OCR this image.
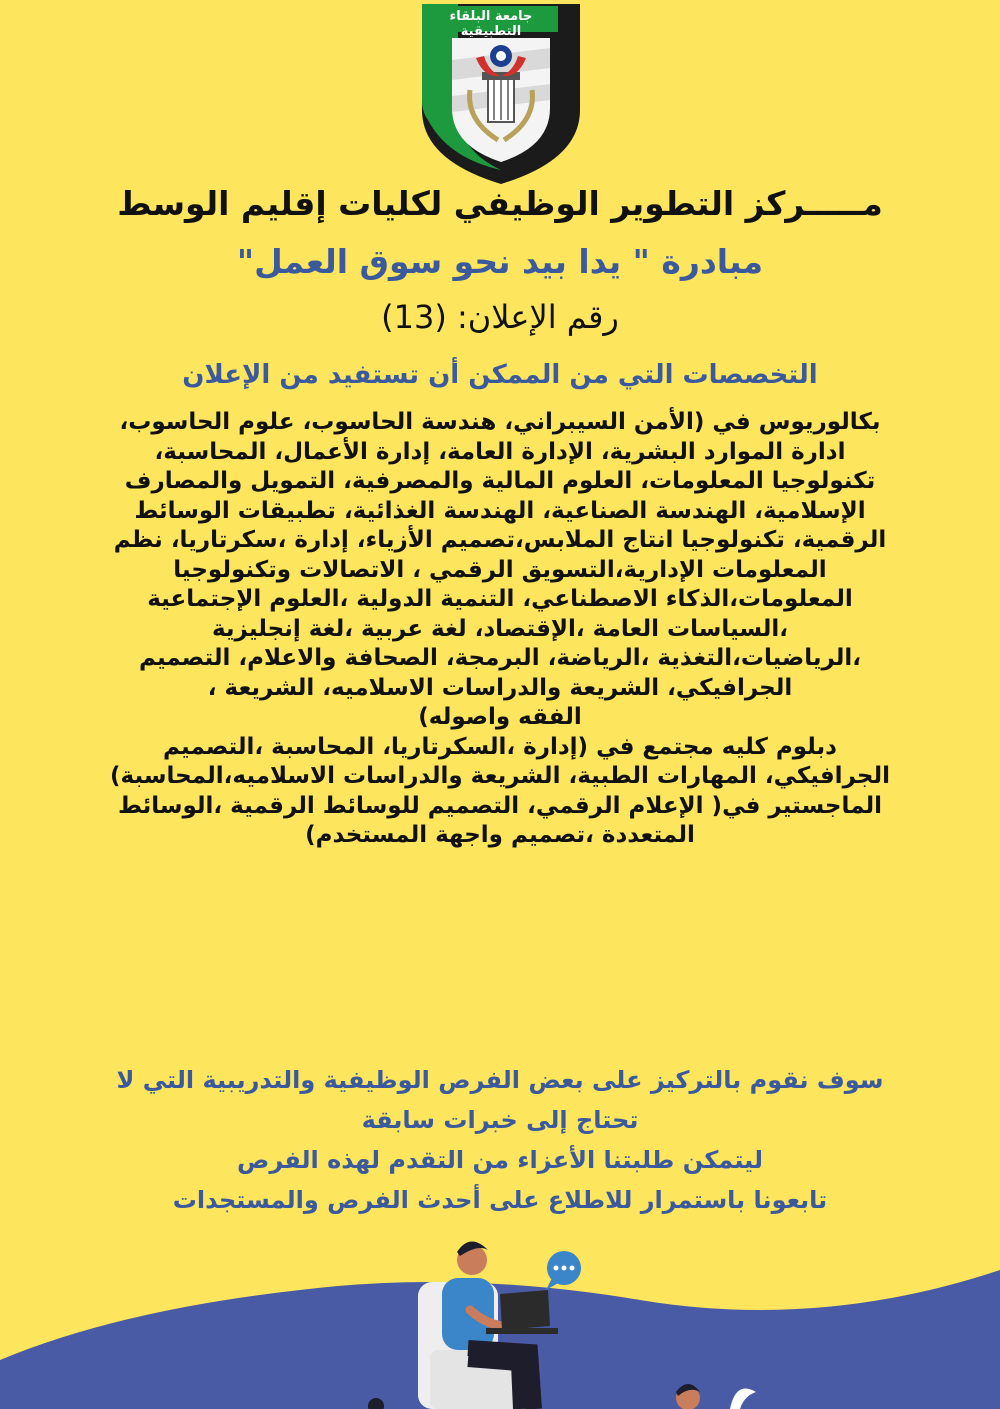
جامعة البلقاء التطبيقية
مـــــركز التطوير الوظيفي لكليات إقليم الوسط
مبادرة " يدا بيد نحو سوق العمل"
رقم الإعلان: (13)
التخصصات التي من الممكن أن تستفيد من الإعلان
بكالوريوس في (الأمن السيبراني، هندسة الحاسوب، علوم الحاسوب،
ادارة الموارد البشرية، الإدارة العامة، إدارة الأعمال، المحاسبة،
تكنولوجيا المعلومات، العلوم المالية والمصرفية، التمويل والمصارف
الإسلامية، الهندسة الصناعية، الهندسة الغذائية، تطبيقات الوسائط
الرقمية، تكنولوجيا انتاج الملابس،تصميم الأزياء، إدارة ،سكرتاريا، نظم
المعلومات الإدارية،التسويق الرقمي ، الاتصالات وتكنولوجيا
المعلومات،الذكاء الاصطناعي، التنمية الدولية ،العلوم الإجتماعية
،السياسات العامة ،الإقتصاد، لغة عربية ،لغة إنجليزية
،الرياضيات،التغذية ،الرياضة، البرمجة، الصحافة والاعلام، التصميم
الجرافيكي، الشريعة والدراسات الاسلاميه، الشريعة ،
الفقه واصوله)
دبلوم كليه مجتمع في (إدارة ،السكرتاريا، المحاسبة ،التصميم
الجرافيكي، المهارات الطبية، الشريعة والدراسات الاسلاميه،المحاسبة)
الماجستير في( الإعلام الرقمي، التصميم للوسائط الرقمية ،الوسائط
المتعددة ،تصميم واجهة المستخدم)
سوف نقوم بالتركيز على بعض الفرص الوظيفية والتدريبية التي لا
تحتاج إلى خبرات سابقة
ليتمكن طلبتنا الأعزاء من التقدم لهذه الفرص
تابعونا باستمرار للاطلاع على أحدث الفرص والمستجدات
